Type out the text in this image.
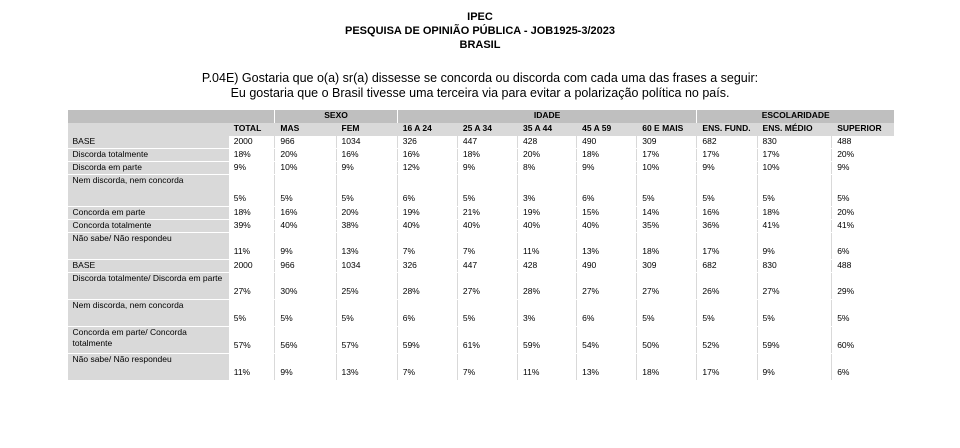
IPEC
PESQUISA DE OPINIÃO PÚBLICA - JOB1925-3/2023
BRASIL
P.04E) Gostaria que o(a) sr(a) dissesse se concorda ou discorda com cada uma das frases a seguir:
Eu gostaria que o Brasil tivesse uma terceira via para evitar a polarização política no país.
		SEXO		IDADE					ESCOLARIDADE		
	TOTAL	MAS	FEM	16 A 24	25 A 34	35 A 44	45 A 59	60 E MAIS	ENS. FUND.	ENS. MÉDIO	SUPERIOR
BASE	2000	966	1034	326	447	428	490	309	682	830	488
Discorda totalmente	18%	20%	16%	16%	18%	20%	18%	17%	17%	17%	20%
Discorda em parte	9%	10%	9%	12%	9%	8%	9%	10%	9%	10%	9%
Nem discorda, nem concorda	5%	5%	5%	6%	5%	3%	6%	5%	5%	5%	5%
Concorda em parte	18%	16%	20%	19%	21%	19%	15%	14%	16%	18%	20%
Concorda totalmente	39%	40%	38%	40%	40%	40%	40%	35%	36%	41%	41%
Não sabe/ Não respondeu	11%	9%	13%	7%	7%	11%	13%	18%	17%	9%	6%
BASE	2000	966	1034	326	447	428	490	309	682	830	488
Discorda totalmente/ Discorda em parte	27%	30%	25%	28%	27%	28%	27%	27%	26%	27%	29%
Nem discorda, nem concorda	5%	5%	5%	6%	5%	3%	6%	5%	5%	5%	5%
Concorda em parte/ Concorda totalmente	57%	56%	57%	59%	61%	59%	54%	50%	52%	59%	60%
Não sabe/ Não respondeu	11%	9%	13%	7%	7%	11%	13%	18%	17%	9%	6%
